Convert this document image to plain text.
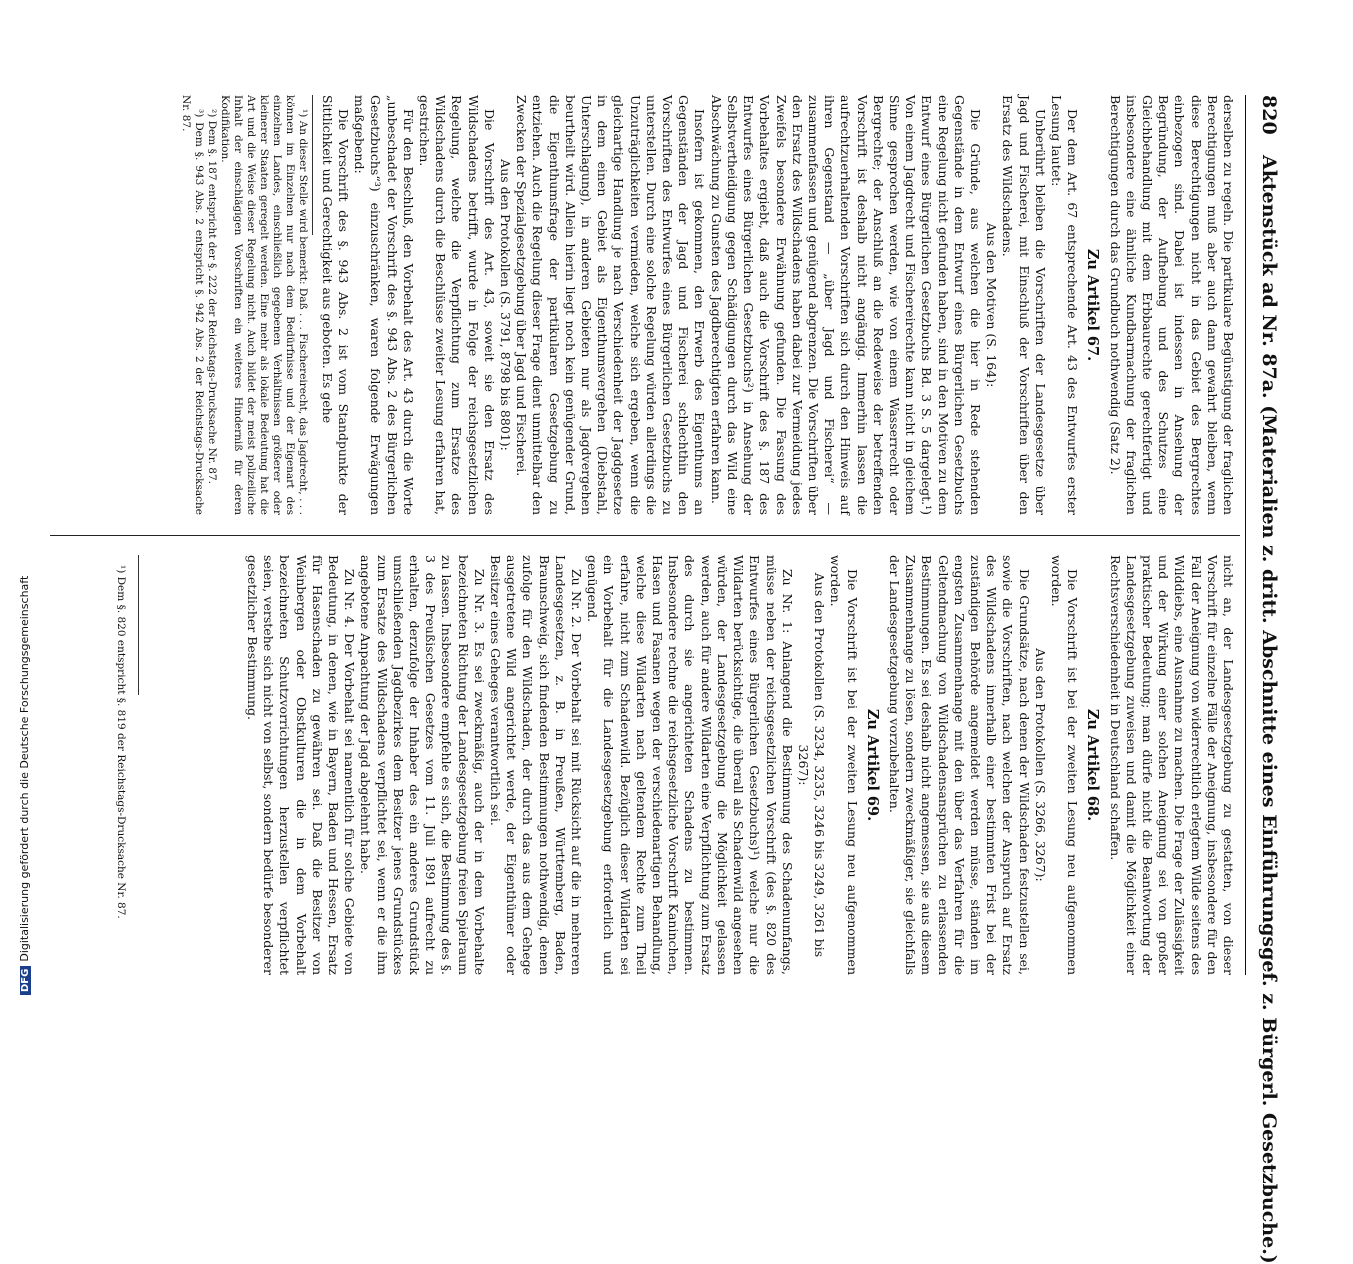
820
Aktenstück ad Nr. 87a. (Materialien z. dritt. Abschnitte eines Einführungsgef. z. Bürgerl. Gesetzbuche.)

derselben zu regeln. Die partikulare Begünstigung der fraglichen Berechtigungen muß aber auch dann gewahrt bleiben, wenn diese Berechtigungen nicht in das Gebiet des Bergrechtes einbezogen sind. Dabei ist indessen in Ansehung der Begründung, der Aufhebung und des Schutzes eine Gleichbehandlung mit dem Erbbaurechte gerechtfertigt und insbesondere eine ähnliche Kundbarmachung der fraglichen Berechtigungen durch das Grundbuch nothwendig (Satz 2).

Zu Artikel 67.

Der dem Art. 67 entsprechende Art. 43 des Entwurfes erster Lesung lautet:

Unberührt bleiben die Vorschriften der Landesgesetze über Jagd und Fischerei, mit Einschluß der Vorschriften über den Ersatz des Wildschadens.

Aus den Motiven (S. 164):

Die Gründe, aus welchen die hier in Rede stehenden Gegenstände in dem Entwurf eines Bürgerlichen Gesetzbuchs eine Regelung nicht gefunden haben, sind in den Motiven zu dem Entwurf eines Bürgerlichen Gesetzbuchs Bd. 3 S. 5 dargelegt.¹) Von einem Jagdrecht und Fischereirechte kann nicht in gleichem Sinne gesprochen werden, wie von einem Wasserrecht oder Bergrechte; der Anschluß an die Redeweise der betreffenden Vorschrift ist deshalb nicht angängig. Immerhin lassen die aufrechtzuerhaltenden Vorschriften sich durch den Hinweis auf ihren Gegenstand — „über Jagd und Fischerei“ — zusammenfassen und genügend abgrenzen. Die Vorschriften über den Ersatz des Wildschadens haben dabei zur Vermeidung jedes Zweifels besondere Erwähnung gefunden. Die Fassung des Vorbehaltes ergiebt, daß auch die Vorschrift des §. 187 des Entwurfes eines Bürgerlichen Gesetzbuchs²) in Ansehung der Selbstvertheidigung gegen Schädigungen durch das Wild eine Abschwächung zu Gunsten des Jagdberechtigten erfahren kann.

Insofern ist gekommen, den Erwerb des Eigenthums an Gegenständen der Jagd und Fischerei schlechthin den Vorschriften des Entwurfes eines Bürgerlichen Gesetzbuchs zu unterstellen. Durch eine solche Regelung würden allerdings die Unzuträglichkeiten vermieden, welche sich ergeben, wenn die gleichartige Handlung je nach Verschiedenheit der Jagdgesetze in dem einen Gebiet als Eigenthumsvergehen (Diebstahl, Unterschlagung), in anderen Gebieten nur als Jagdvergehen beurtheilt wird. Allein hierin liegt noch kein genügender Grund, die Eigenthumsfrage der partikularen Gesetzgebung zu entziehen. Auch die Regelung dieser Frage dient unmittelbar den Zwecken der Spezialgesetzgebung über Jagd und Fischerei.

Aus den Protokollen (S. 3791, 8798 bis 8801):

Die Vorschrift des Art. 43, soweit sie den Ersatz des Wildschadens betrifft, wurde in Folge der reichsgesetzlichen Regelung, welche die Verpflichtung zum Ersatze des Wildschadens durch die Beschlüsse zweiter Lesung erfahren hat, gestrichen.

Für den Beschluß, den Vorbehalt des Art. 43 durch die Worte „unbeschadet der Vorschrift des §. 943 Abs. 2 des Bürgerlichen Gesetzbuchs“³) einzuschränken, waren folgende Erwägungen maßgebend:

Die Vorschrift des §. 943 Abs. 2 ist vom Standpunkte der Sittlichkeit und Gerechtigkeit aus geboten. Es gehe

¹) An dieser Stelle wird bemerkt: Daß . . . Fischereirecht, das Jagdrecht, . . . können im Einzelnen nur nach dem Bedürfnisse und der Eigenart des einzelnen Landes, einschließlich gegebenen Verhältnissen größerer oder kleinerer Staaten geregelt werden. Eine mehr als lokale Bedeutung hat die Art und die Weise dieser Regelung nicht. Auch bildet der meist polizeiliche Inhalt der einschlägigen Vorschriften ein weiteres Hinderniß für deren Kodifikation.

²) Dem §. 187 entspricht der §. 222 der Reichstags-Drucksache Nr. 87.

³) Dem §. 943 Abs. 2 entspricht §. 942 Abs. 2 der Reichstags-Drucksache Nr. 87.

nicht an, der Landesgesetzgebung zu gestatten, von dieser Vorschrift für einzelne Fälle der Aneignung, insbesondere für den Fall der Aneignung von widerrechtlich erlegtem Wilde seitens des Wilddiebs, eine Ausnahme zu machen. Die Frage der Zulässigkeit und der Wirkung einer solchen Aneignung sei von großer praktischer Bedeutung; man dürfe nicht die Beantwortung der Landesgesetzgebung zuweisen und damit die Möglichkeit einer Rechtsverschiedenheit in Deutschland schaffen.

Zu Artikel 68.

Die Vorschrift ist bei der zweiten Lesung neu aufgenommen worden.

Aus den Protokollen (S. 3266, 3267):

Die Grundsätze, nach denen der Wildschaden festzustellen sei, sowie die Vorschriften, nach welchen der Anspruch auf Ersatz des Wildschadens innerhalb einer bestimmten Frist bei der zuständigen Behörde angemeldet werden müsse, ständen im engsten Zusammenhange mit den über das Verfahren für die Geltendmachung von Wildschadensansprüchen zu erlassenden Bestimmungen. Es sei deshalb nicht angemessen, sie aus diesem Zusammenhange zu lösen, sondern zweckmäßiger, sie gleichfalls der Landesgesetzgebung vorzubehalten.

Zu Artikel 69.

Die Vorschrift ist bei der zweiten Lesung neu aufgenommen worden.

Aus den Protokollen (S. 3234, 3235, 3246 bis 3249, 3261 bis 3267):

Zu Nr. 1: Anlangend die Bestimmung des Schadenumfangs, müsse neben der reichsgesetzlichen Vorschrift (des §. 820 des Entwurfes eines Bürgerlichen Gesetzbuchs)¹) welche nur die Wildarten berücksichtige, die überall als Schadenwild angesehen würden, der Landesgesetzgebung die Möglichkeit gelassen werden, auch für andere Wildarten eine Verpflichtung zum Ersatz des durch sie angerichteten Schadens zu bestimmen. Insbesondere rechne die reichsgesetzliche Vorschrift Kaninchen, Hasen und Fasanen wegen der verschiedenartigen Behandlung, welche diese Wildarten nach geltendem Rechte zum Theil erfahre, nicht zum Schadenwild. Bezüglich dieser Wildarten sei ein Vorbehalt für die Landesgesetzgebung erforderlich und genügend.

Zu Nr. 2. Der Vorbehalt sei mit Rücksicht auf die in mehreren Landesgesetzen, z. B. in Preußen, Württemberg, Baden, Braunschweig, sich findenden Bestimmungen nothwendig, denen zufolge für den Wildschaden, der durch das aus dem Gehege ausgetretene Wild angerichtet werde, der Eigenthümer oder Besitzer eines Geheges verantwortlich sei.

Zu Nr. 3. Es sei zweckmäßig, auch der in dem Vorbehalte bezeichneten Richtung der Landesgesetzgebung freien Spielraum zu lassen. Insbesondere empfehle es sich, die Bestimmung des §. 3 des Preußischen Gesetzes vom 11. Juli 1891 aufrecht zu erhalten, derzufolge der Inhaber des ein anderes Grundstück umschließenden Jagdbezirkes dem Besitzer jenes Grundstückes zum Ersatze des Wildschadens verpflichtet sei, wenn er die ihm angebotene Anpachtung der Jagd abgelehnt habe.

Zu Nr. 4. Der Vorbehalt sei namentlich für solche Gebiete von Bedeutung, in denen, wie in Bayern, Baden und Hessen, Ersatz für Hasenschaden zu gewähren sei. Daß die Besitzer von Weinbergen oder Obstkulturen die in dem Vorbehalt bezeichneten Schutzvorrichtungen herzustellen verpflichtet seien, verstehe sich nicht von selbst, sondern bedürfe besonderer gesetzlicher Bestimmung.

¹) Dem §. 820 entspricht §. 819 der Reichstags-Drucksache Nr. 87.

DFGDigitalisierung gefördert durch die Deutsche Forschungsgemeinschaft
